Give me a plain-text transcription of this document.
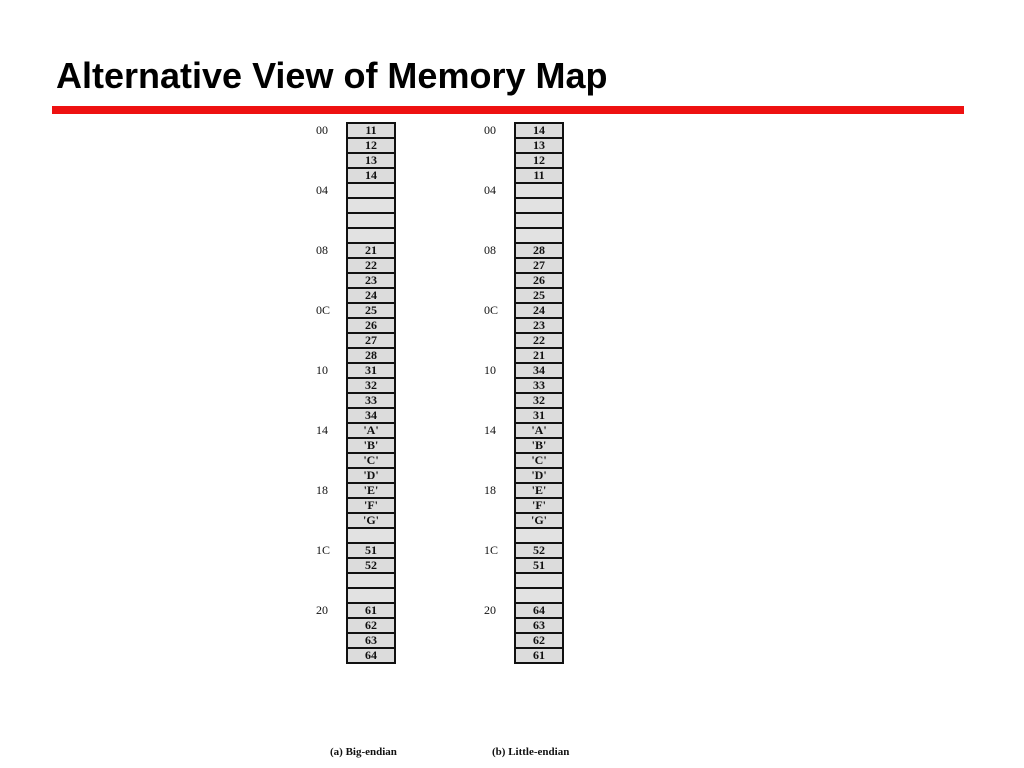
Alternative View of Memory Map
00
04
08
0C
10
14
18
1C
20
11
12
13
14
21
22
23
24
25
26
27
28
31
32
33
34
'A'
'B'
'C'
'D'
'E'
'F'
'G'
51
52
61
62
63
64
(a) Big-endian
00
04
08
0C
10
14
18
1C
20
14
13
12
11
28
27
26
25
24
23
22
21
34
33
32
31
'A'
'B'
'C'
'D'
'E'
'F'
'G'
52
51
64
63
62
61
(b) Little-endian
